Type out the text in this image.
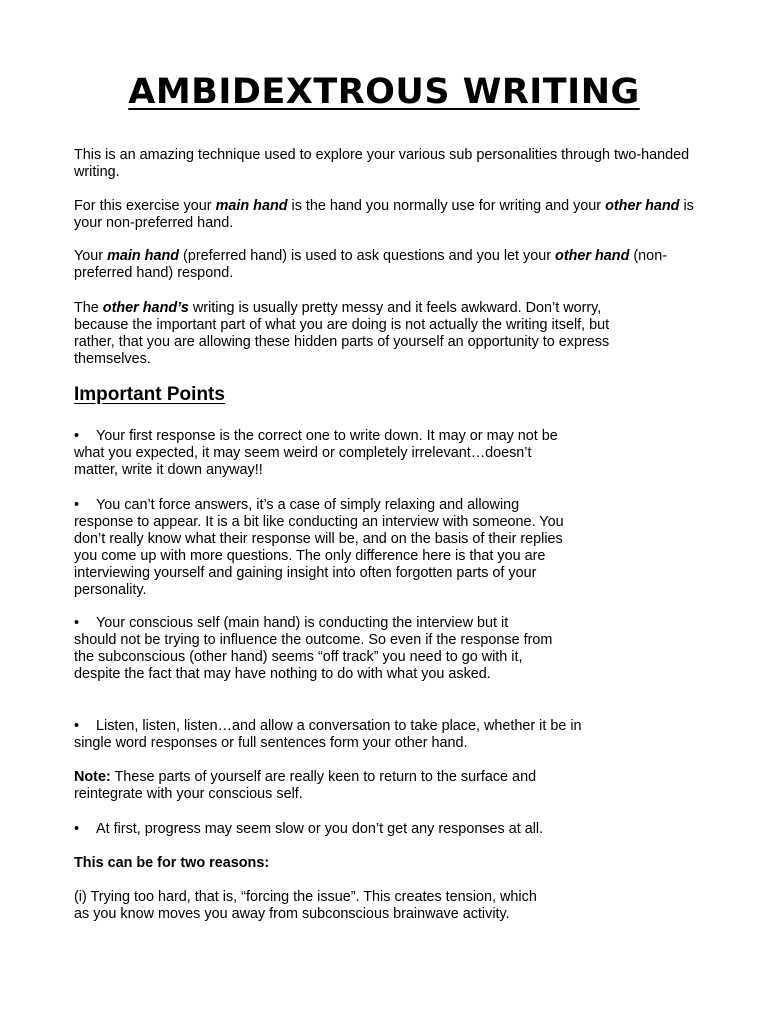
AMBIDEXTROUS WRITING

This is an amazing technique used to explore your various sub personalities through two-handed writing.

For this exercise your main hand is the hand you normally use for writing and your other hand is your non-preferred hand.

Your main hand (preferred hand) is used to ask questions and you let your other hand (non-preferred hand) respond.

The other hand’s writing is usually pretty messy and it feels awkward. Don’t worry, because the important part of what you are doing is not actually the writing itself, but rather, that you are allowing these hidden parts of yourself an opportunity to express themselves.

Important Points
• Your first response is the correct one to write down. It may or may not be what you expected, it may seem weird or completely irrelevant…doesn’t matter, write it down anyway!!
• You can’t force answers, it’s a case of simply relaxing and allowing response to appear. It is a bit like conducting an interview with someone. You don’t really know what their response will be, and on the basis of their replies you come up with more questions. The only difference here is that you are interviewing yourself and gaining insight into often forgotten parts of your personality.
• Your conscious self (main hand) is conducting the interview but it should not be trying to influence the outcome. So even if the response from the subconscious (other hand) seems “off track” you need to go with it, despite the fact that may have nothing to do with what you asked.
• Listen, listen, listen…and allow a conversation to take place, whether it be in single word responses or full sentences form your other hand.
Note: These parts of yourself are really keen to return to the surface and reintegrate with your conscious self.
• At first, progress may seem slow or you don’t get any responses at all.
This can be for two reasons:
(i) Trying too hard, that is, “forcing the issue”. This creates tension, which as you know moves you away from subconscious brainwave activity.
